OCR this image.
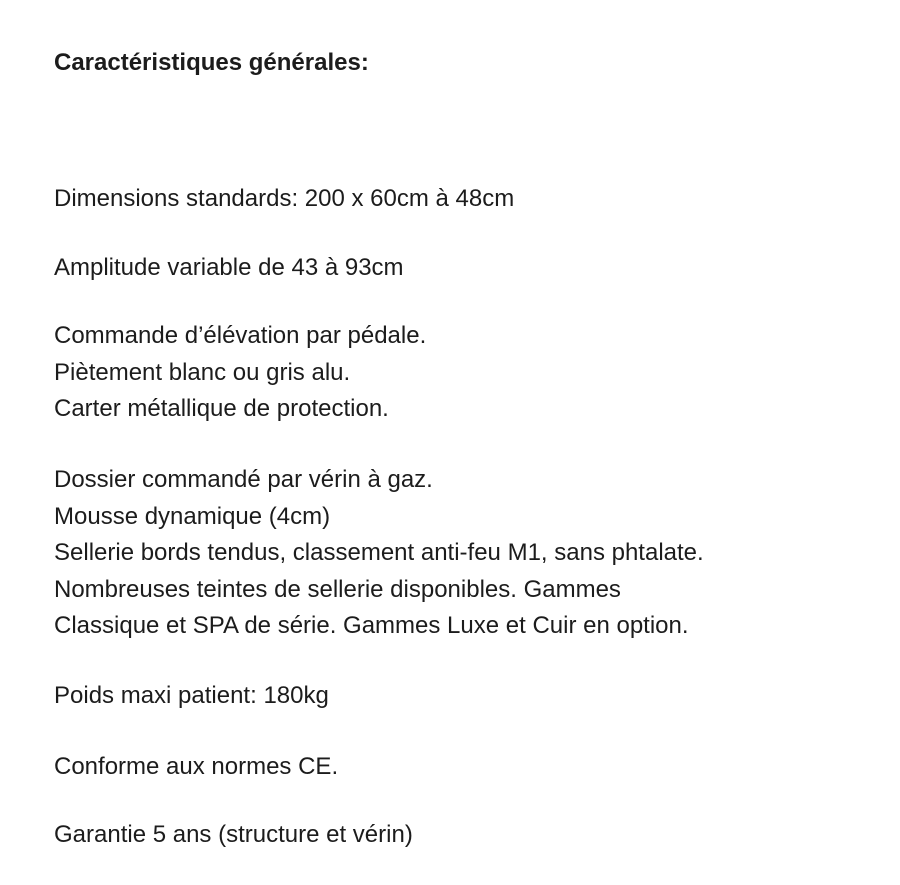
Caractéristiques générales:

Dimensions standards: 200 x 60cm à 48cm

Amplitude variable de 43 à 93cm

Commande d’élévation par pédale.
Piètement blanc ou gris alu.
Carter métallique de protection.

Dossier commandé par vérin à gaz.
Mousse dynamique (4cm)
Sellerie bords tendus, classement anti-feu M1, sans phtalate.
Nombreuses teintes de sellerie disponibles. Gammes
Classique et SPA de série. Gammes Luxe et Cuir en option.

Poids maxi patient: 180kg

Conforme aux normes CE.

Garantie 5 ans (structure et vérin)
